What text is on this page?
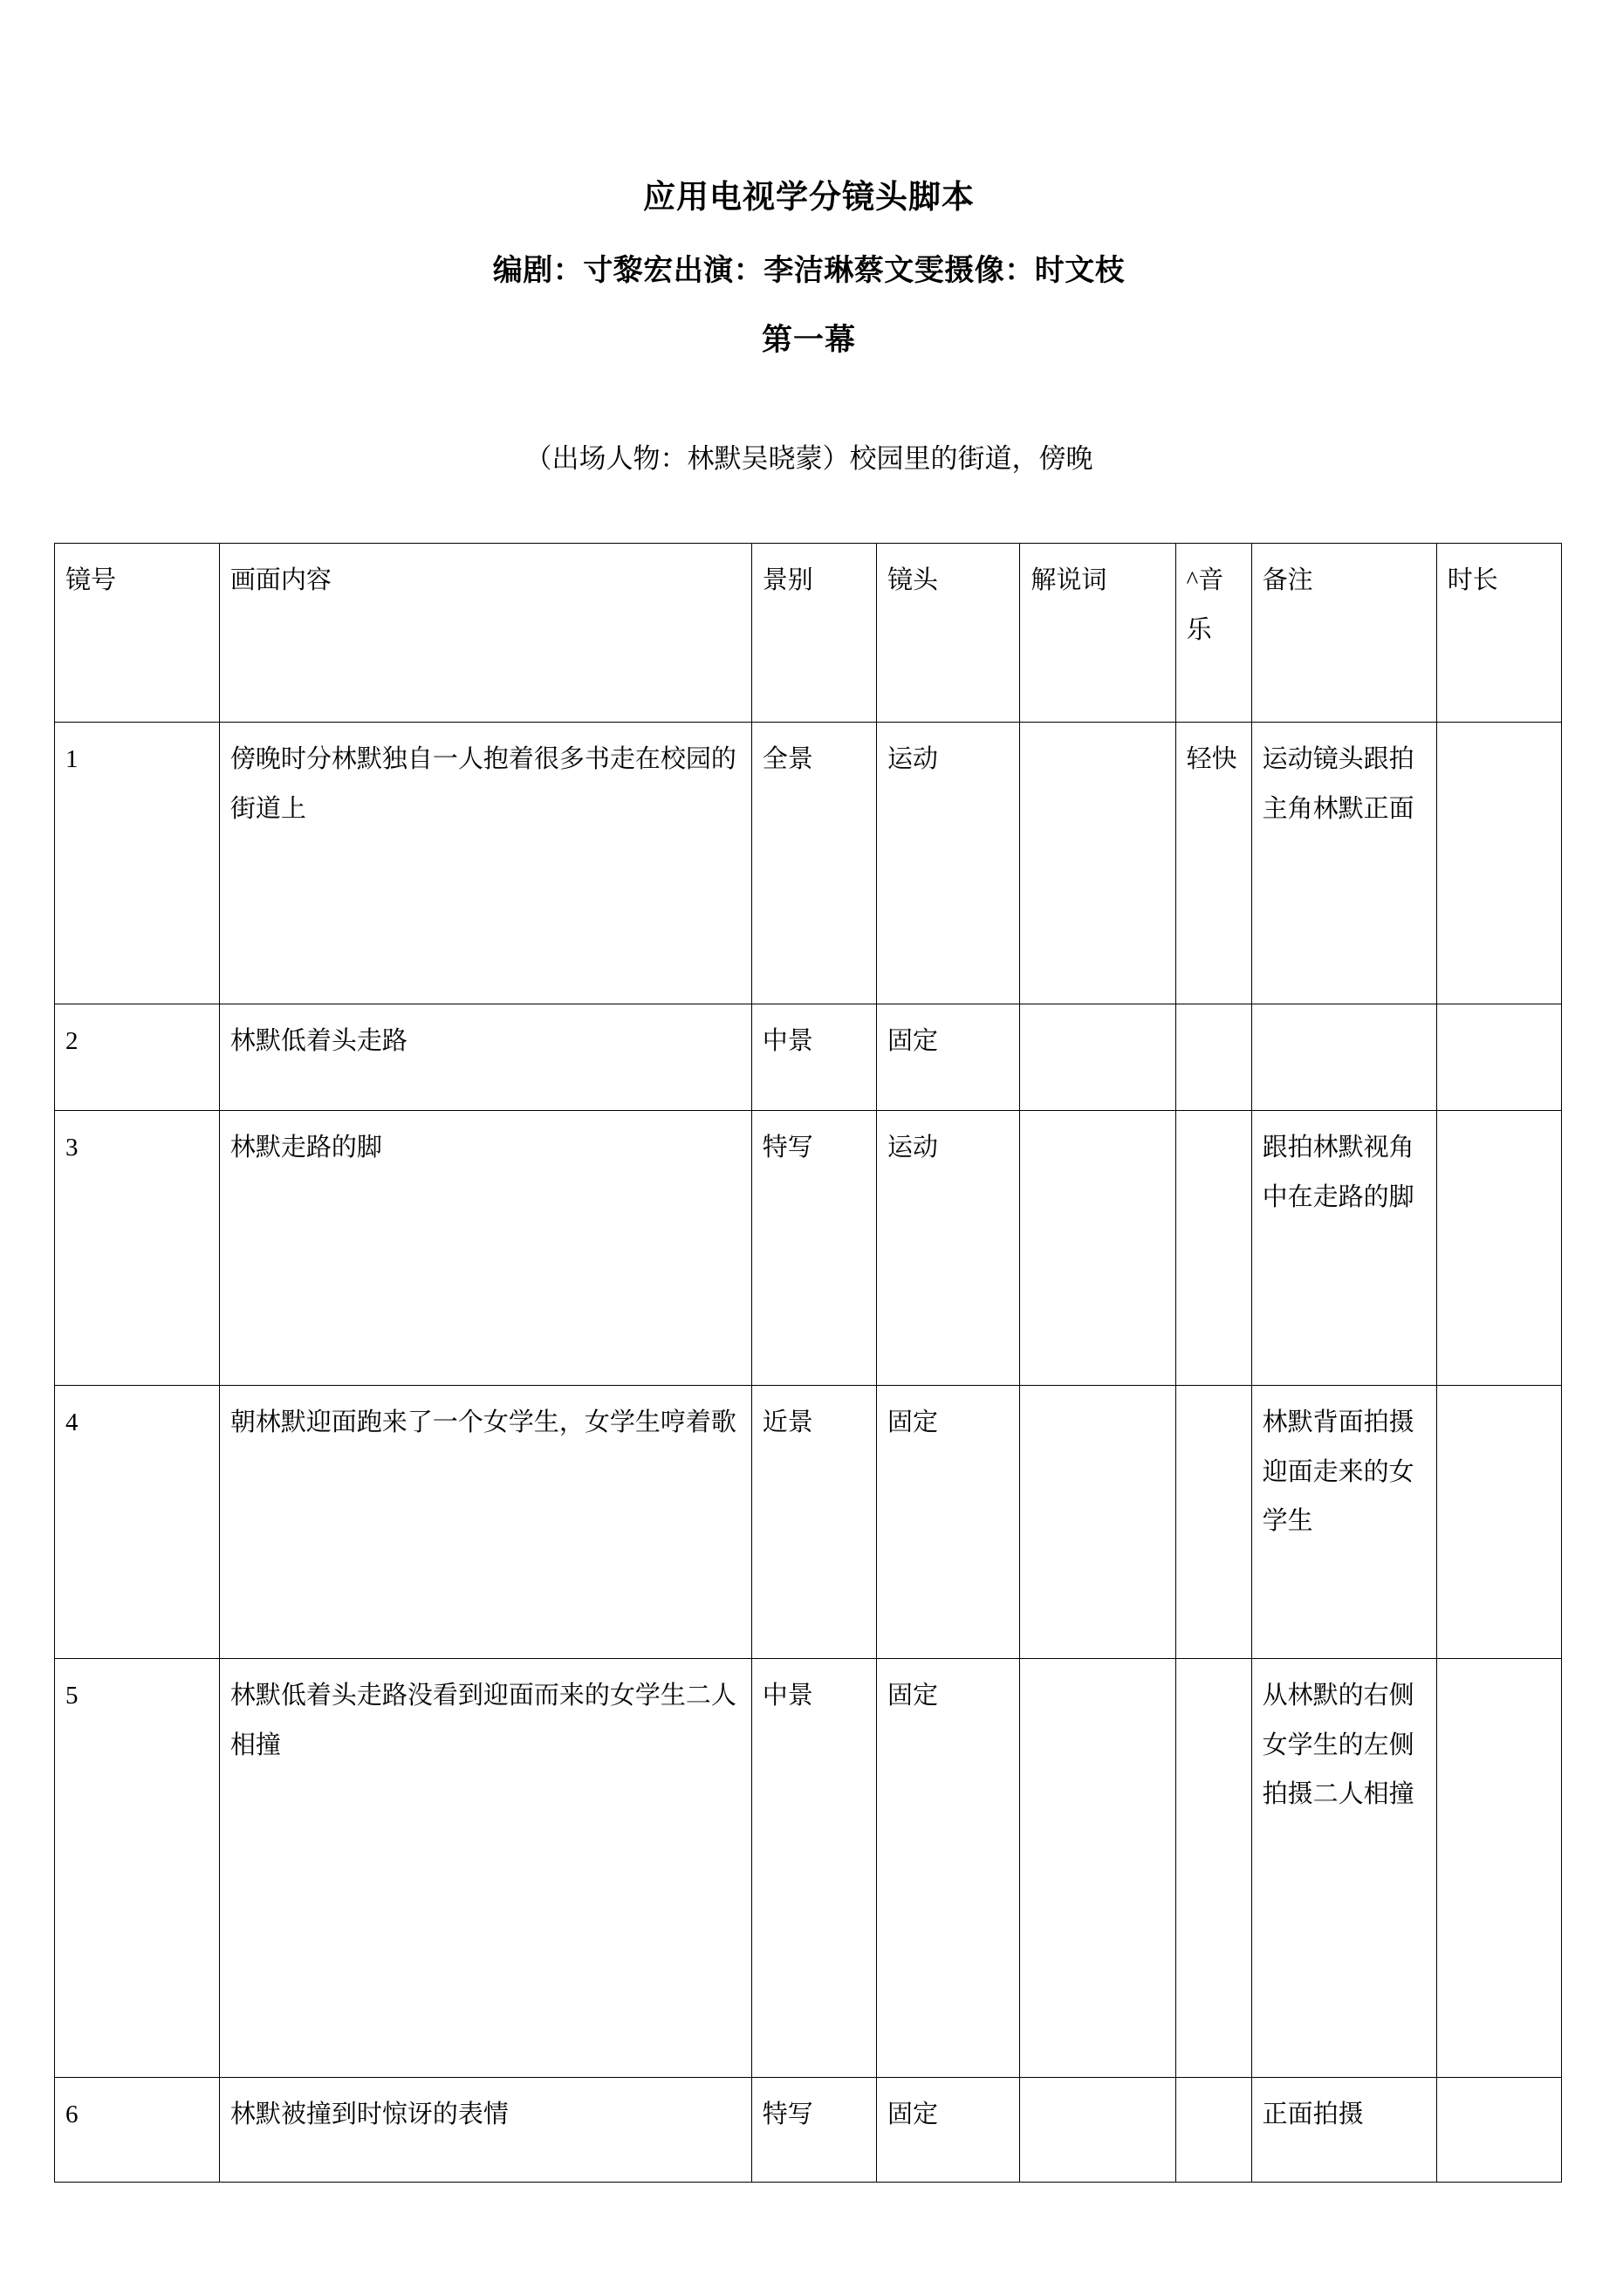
应用电视学分镜头脚本
编剧：寸黎宏出演：李洁琳蔡文雯摄像：时文枝
第一幕
（出场人物：林默吴晓蒙）校园里的街道，傍晚
镜号	画面内容	景别	镜头	解说词	^音乐	备注	时长
1	傍晚时分林默独自一人抱着很多书走在校园的街道上	全景	运动		轻快	运动镜头跟拍主角林默正面	
2	林默低着头走路	中景	固定				
3	林默走路的脚	特写	运动			跟拍林默视角中在走路的脚	
4	朝林默迎面跑来了一个女学生，女学生哼着歌	近景	固定			林默背面拍摄迎面走来的女学生	
5	林默低着头走路没看到迎面而来的女学生二人相撞	中景	固定			从林默的右侧女学生的左侧拍摄二人相撞	
6	林默被撞到时惊讶的表情	特写	固定			正面拍摄	
